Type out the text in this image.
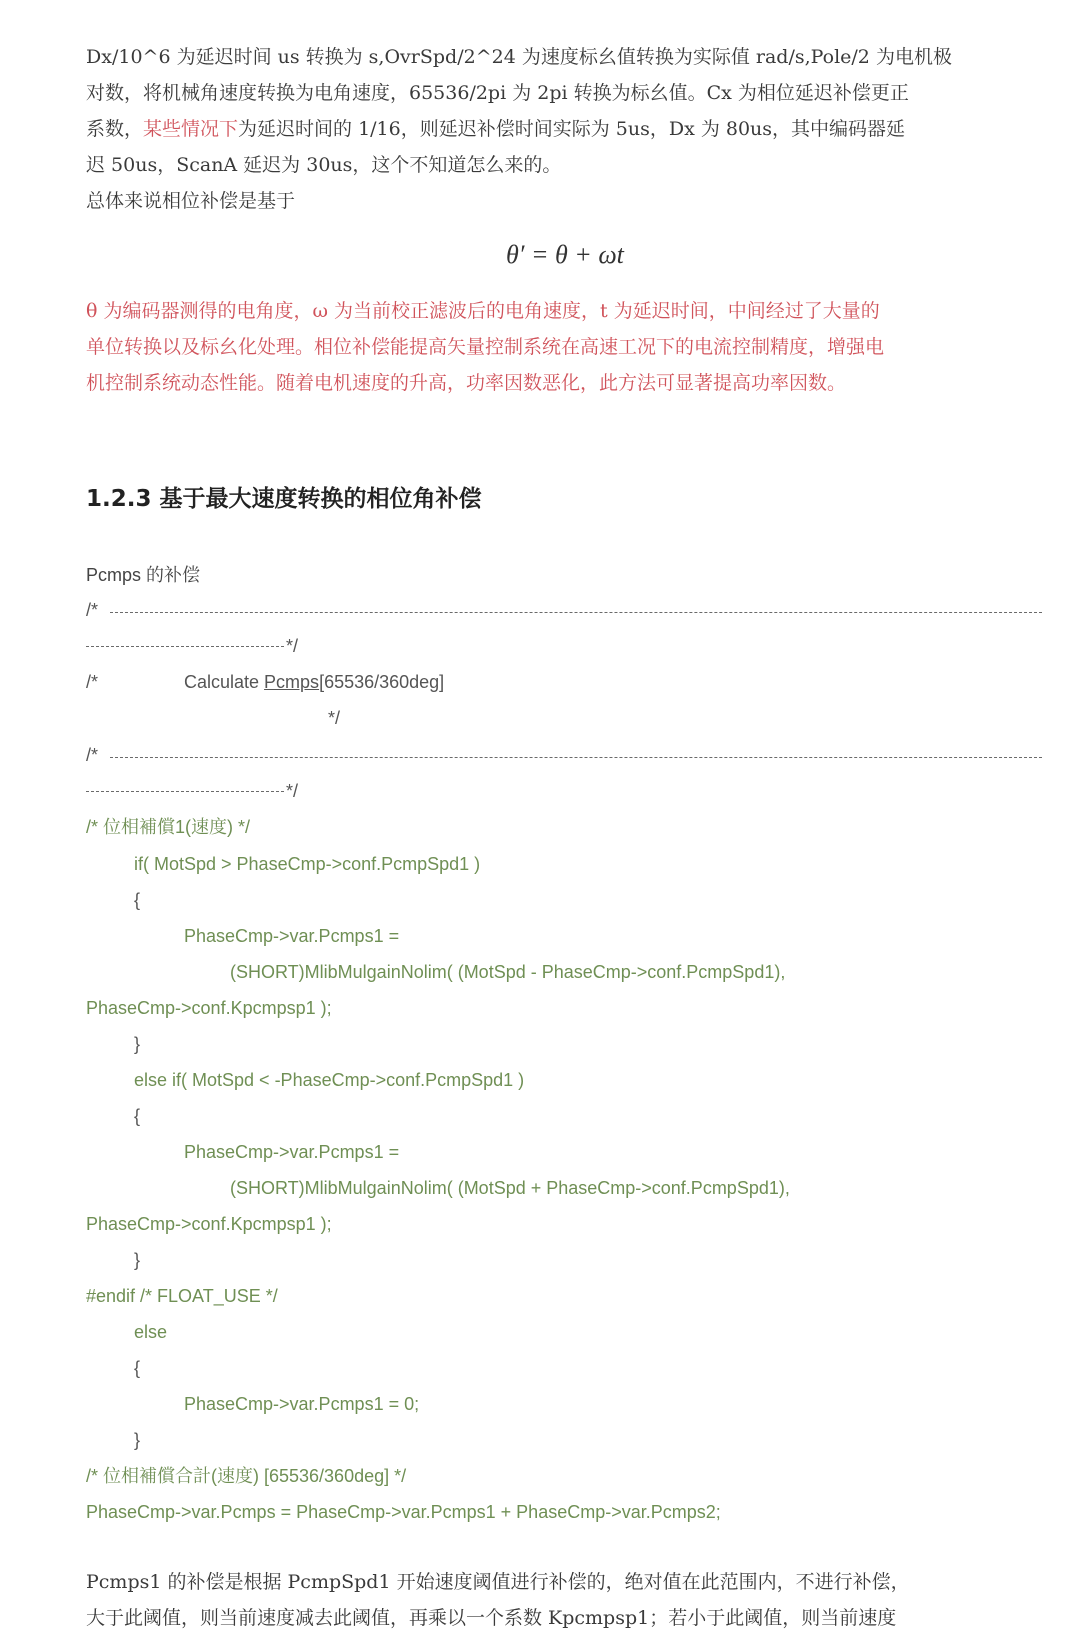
Dx/10^6 为延迟时间 us 转换为 s,OvrSpd/2^24 为速度标幺值转换为实际值 rad/s,Pole/2 为电机极
对数，将机械角速度转换为电角速度，65536/2pi 为 2pi 转换为标幺值。Cx 为相位延迟补偿更正
系数，某些情况下为延迟时间的 1/16，则延迟补偿时间实际为 5us，Dx 为 80us，其中编码器延
迟 50us，ScanA 延迟为 30us，这个不知道怎么来的。
总体来说相位补偿是基于
θ′ = θ + ωt
θ 为编码器测得的电角度，ω 为当前校正滤波后的电角速度，t 为延迟时间，中间经过了大量的
单位转换以及标幺化处理。相位补偿能提高矢量控制系统在高速工况下的电流控制精度，增强电
机控制系统动态性能。随着电机速度的升高，功率因数恶化，此方法可显著提高功率因数。
1.2.3 基于最大速度转换的相位角补偿
Pcmps 的补偿
/*
*/
/*	Calculate Pcmps[65536/360deg]
*/
/*
*/
/* 位相補償1(速度) */
if( MotSpd > PhaseCmp->conf.PcmpSpd1 )
{
PhaseCmp->var.Pcmps1 =
(SHORT)MlibMulgainNolim( (MotSpd - PhaseCmp->conf.PcmpSpd1),
PhaseCmp->conf.Kpcmpsp1 );
}
else if( MotSpd < -PhaseCmp->conf.PcmpSpd1 )
{
PhaseCmp->var.Pcmps1 =
(SHORT)MlibMulgainNolim( (MotSpd + PhaseCmp->conf.PcmpSpd1),
PhaseCmp->conf.Kpcmpsp1 );
}
#endif /* FLOAT_USE */
else
{
PhaseCmp->var.Pcmps1 = 0;
}
/* 位相補償合計(速度) [65536/360deg] */
PhaseCmp->var.Pcmps = PhaseCmp->var.Pcmps1 + PhaseCmp->var.Pcmps2;
Pcmps1 的补偿是根据 PcmpSpd1 开始速度阈值进行补偿的，绝对值在此范围内，不进行补偿，
大于此阈值，则当前速度减去此阈值，再乘以一个系数 Kpcmpsp1；若小于此阈值，则当前速度
